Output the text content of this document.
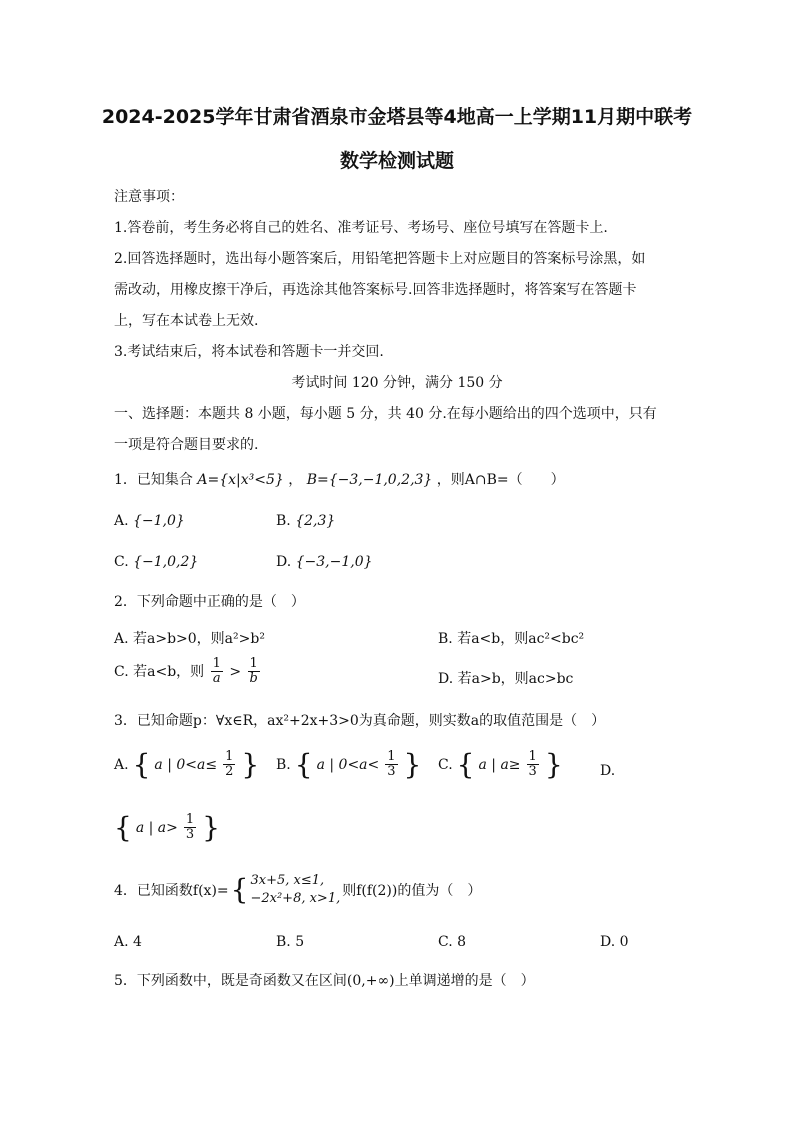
2024-2025学年甘肃省酒泉市金塔县等4地高一上学期11月期中联考
数学检测试题
注意事项：
1.答卷前，考生务必将自己的姓名、准考证号、考场号、座位号填写在答题卡上.
2.回答选择题时，选出每小题答案后，用铅笔把答题卡上对应题目的答案标号涂黑，如
需改动，用橡皮擦干净后，再选涂其他答案标号.回答非选择题时，将答案写在答题卡
上，写在本试卷上无效.
3.考试结束后，将本试卷和答题卡一并交回.
考试时间 120 分钟，满分 150 分
一、选择题：本题共 8 小题，每小题 5 分，共 40 分.在每小题给出的四个选项中，只有
一项是符合题目要求的.
1．已知集合 A={x|x³<5} ， B={−3,−1,0,2,3} ，则A∩B=（　　）
A. {−1,0}	B. {2,3}
C. {−1,0,2}	D. {−3,−1,0}
2．下列命题中正确的是（　）
A. 若a>b>0，则a²>b²	B. 若a<b，则ac²<bc²
C. 若a<b，则 $\frac{1}{a} > \frac{1}{b}$	D. 若a>b，则ac>bc
3．已知命题p：∀x∈R，ax²+2x+3>0为真命题，则实数a的取值范围是（　）
A. { a | $0<a\le \frac{1}{2}$ } B. { a | $0<a< \frac{1}{3}$ } C. { a | $a\ge \frac{1}{3}$ }	D.
{ a | $a> \frac{1}{3}$ }
4．已知函数f(x)= { 3x+5, x≤1,
−2x²+8, x>1, 则f(f(2))的值为（　）
A. 4	B. 5	C. 8	D. 0
5．下列函数中，既是奇函数又在区间(0,+∞)上单调递增的是（　）
